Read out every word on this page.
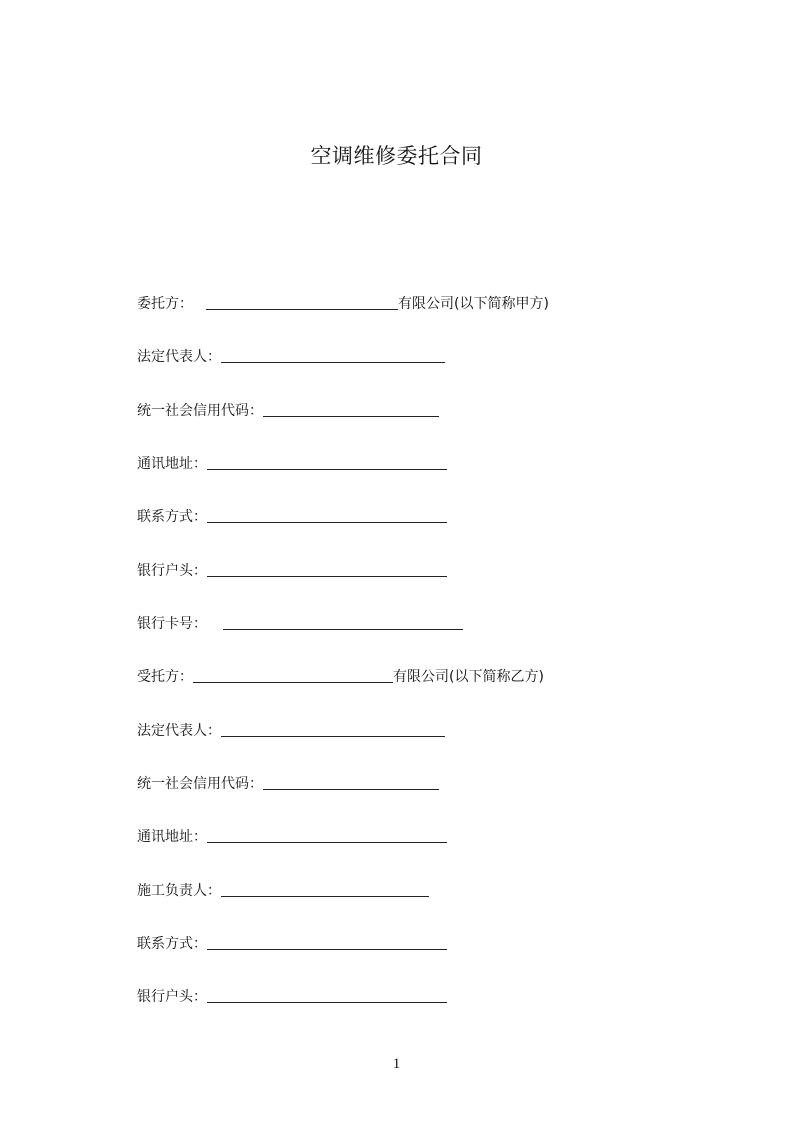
空调维修委托合同
委托方：	有限公司(以下简称甲方)
法定代表人：
统一社会信用代码：
通讯地址：
联系方式：
银行户头：
银行卡号：
受托方：	有限公司(以下简称乙方)
法定代表人：
统一社会信用代码：
通讯地址：
施工负责人：
联系方式：
银行户头：
1
